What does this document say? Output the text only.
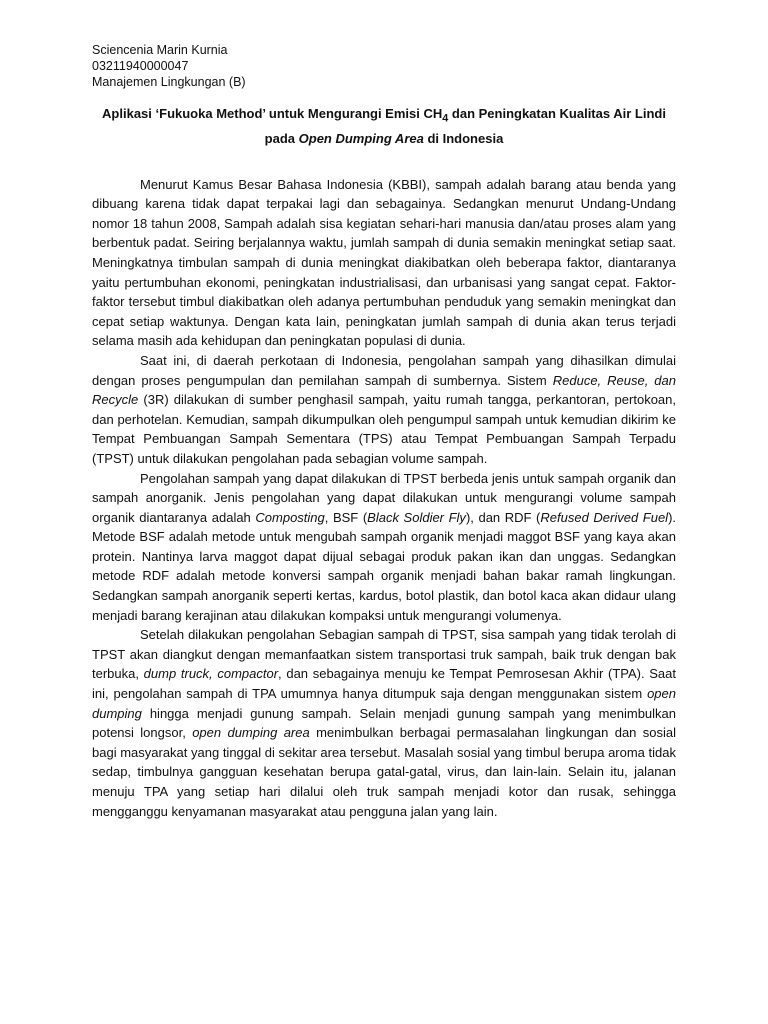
Sciencenia Marin Kurnia
03211940000047
Manajemen Lingkungan (B)
Aplikasi ‘Fukuoka Method’ untuk Mengurangi Emisi $CH_4$ dan Peningkatan Kualitas Air Lindi
pada Open Dumping Area di Indonesia

Menurut Kamus Besar Bahasa Indonesia (KBBI), sampah adalah barang atau benda yang dibuang karena tidak dapat terpakai lagi dan sebagainya. Sedangkan menurut Undang-Undang nomor 18 tahun 2008, Sampah adalah sisa kegiatan sehari-hari manusia dan/atau proses alam yang berbentuk padat. Seiring berjalannya waktu, jumlah sampah di dunia semakin meningkat setiap saat. Meningkatnya timbulan sampah di dunia meningkat diakibatkan oleh beberapa faktor, diantaranya yaitu pertumbuhan ekonomi, peningkatan industrialisasi, dan urbanisasi yang sangat cepat. Faktor-faktor tersebut timbul diakibatkan oleh adanya pertumbuhan penduduk yang semakin meningkat dan cepat setiap waktunya. Dengan kata lain, peningkatan jumlah sampah di dunia akan terus terjadi selama masih ada kehidupan dan peningkatan populasi di dunia.

Saat ini, di daerah perkotaan di Indonesia, pengolahan sampah yang dihasilkan dimulai dengan proses pengumpulan dan pemilahan sampah di sumbernya. Sistem Reduce, Reuse, dan Recycle (3R) dilakukan di sumber penghasil sampah, yaitu rumah tangga, perkantoran, pertokoan, dan perhotelan. Kemudian, sampah dikumpulkan oleh pengumpul sampah untuk kemudian dikirim ke Tempat Pembuangan Sampah Sementara (TPS) atau Tempat Pembuangan Sampah Terpadu (TPST) untuk dilakukan pengolahan pada sebagian volume sampah.

Pengolahan sampah yang dapat dilakukan di TPST berbeda jenis untuk sampah organik dan sampah anorganik. Jenis pengolahan yang dapat dilakukan untuk mengurangi volume sampah organik diantaranya adalah Composting, BSF (Black Soldier Fly), dan RDF (Refused Derived Fuel). Metode BSF adalah metode untuk mengubah sampah organik menjadi maggot BSF yang kaya akan protein. Nantinya larva maggot dapat dijual sebagai produk pakan ikan dan unggas. Sedangkan metode RDF adalah metode konversi sampah organik menjadi bahan bakar ramah lingkungan. Sedangkan sampah anorganik seperti kertas, kardus, botol plastik, dan botol kaca akan didaur ulang menjadi barang kerajinan atau dilakukan kompaksi untuk mengurangi volumenya.

Setelah dilakukan pengolahan Sebagian sampah di TPST, sisa sampah yang tidak terolah di TPST akan diangkut dengan memanfaatkan sistem transportasi truk sampah, baik truk dengan bak terbuka, dump truck, compactor, dan sebagainya menuju ke Tempat Pemrosesan Akhir (TPA). Saat ini, pengolahan sampah di TPA umumnya hanya ditumpuk saja dengan menggunakan sistem open dumping hingga menjadi gunung sampah. Selain menjadi gunung sampah yang menimbulkan potensi longsor, open dumping area menimbulkan berbagai permasalahan lingkungan dan sosial bagi masyarakat yang tinggal di sekitar area tersebut. Masalah sosial yang timbul berupa aroma tidak sedap, timbulnya gangguan kesehatan berupa gatal-gatal, virus, dan lain-lain. Selain itu, jalanan menuju TPA yang setiap hari dilalui oleh truk sampah menjadi kotor dan rusak, sehingga mengganggu kenyamanan masyarakat atau pengguna jalan yang lain.
